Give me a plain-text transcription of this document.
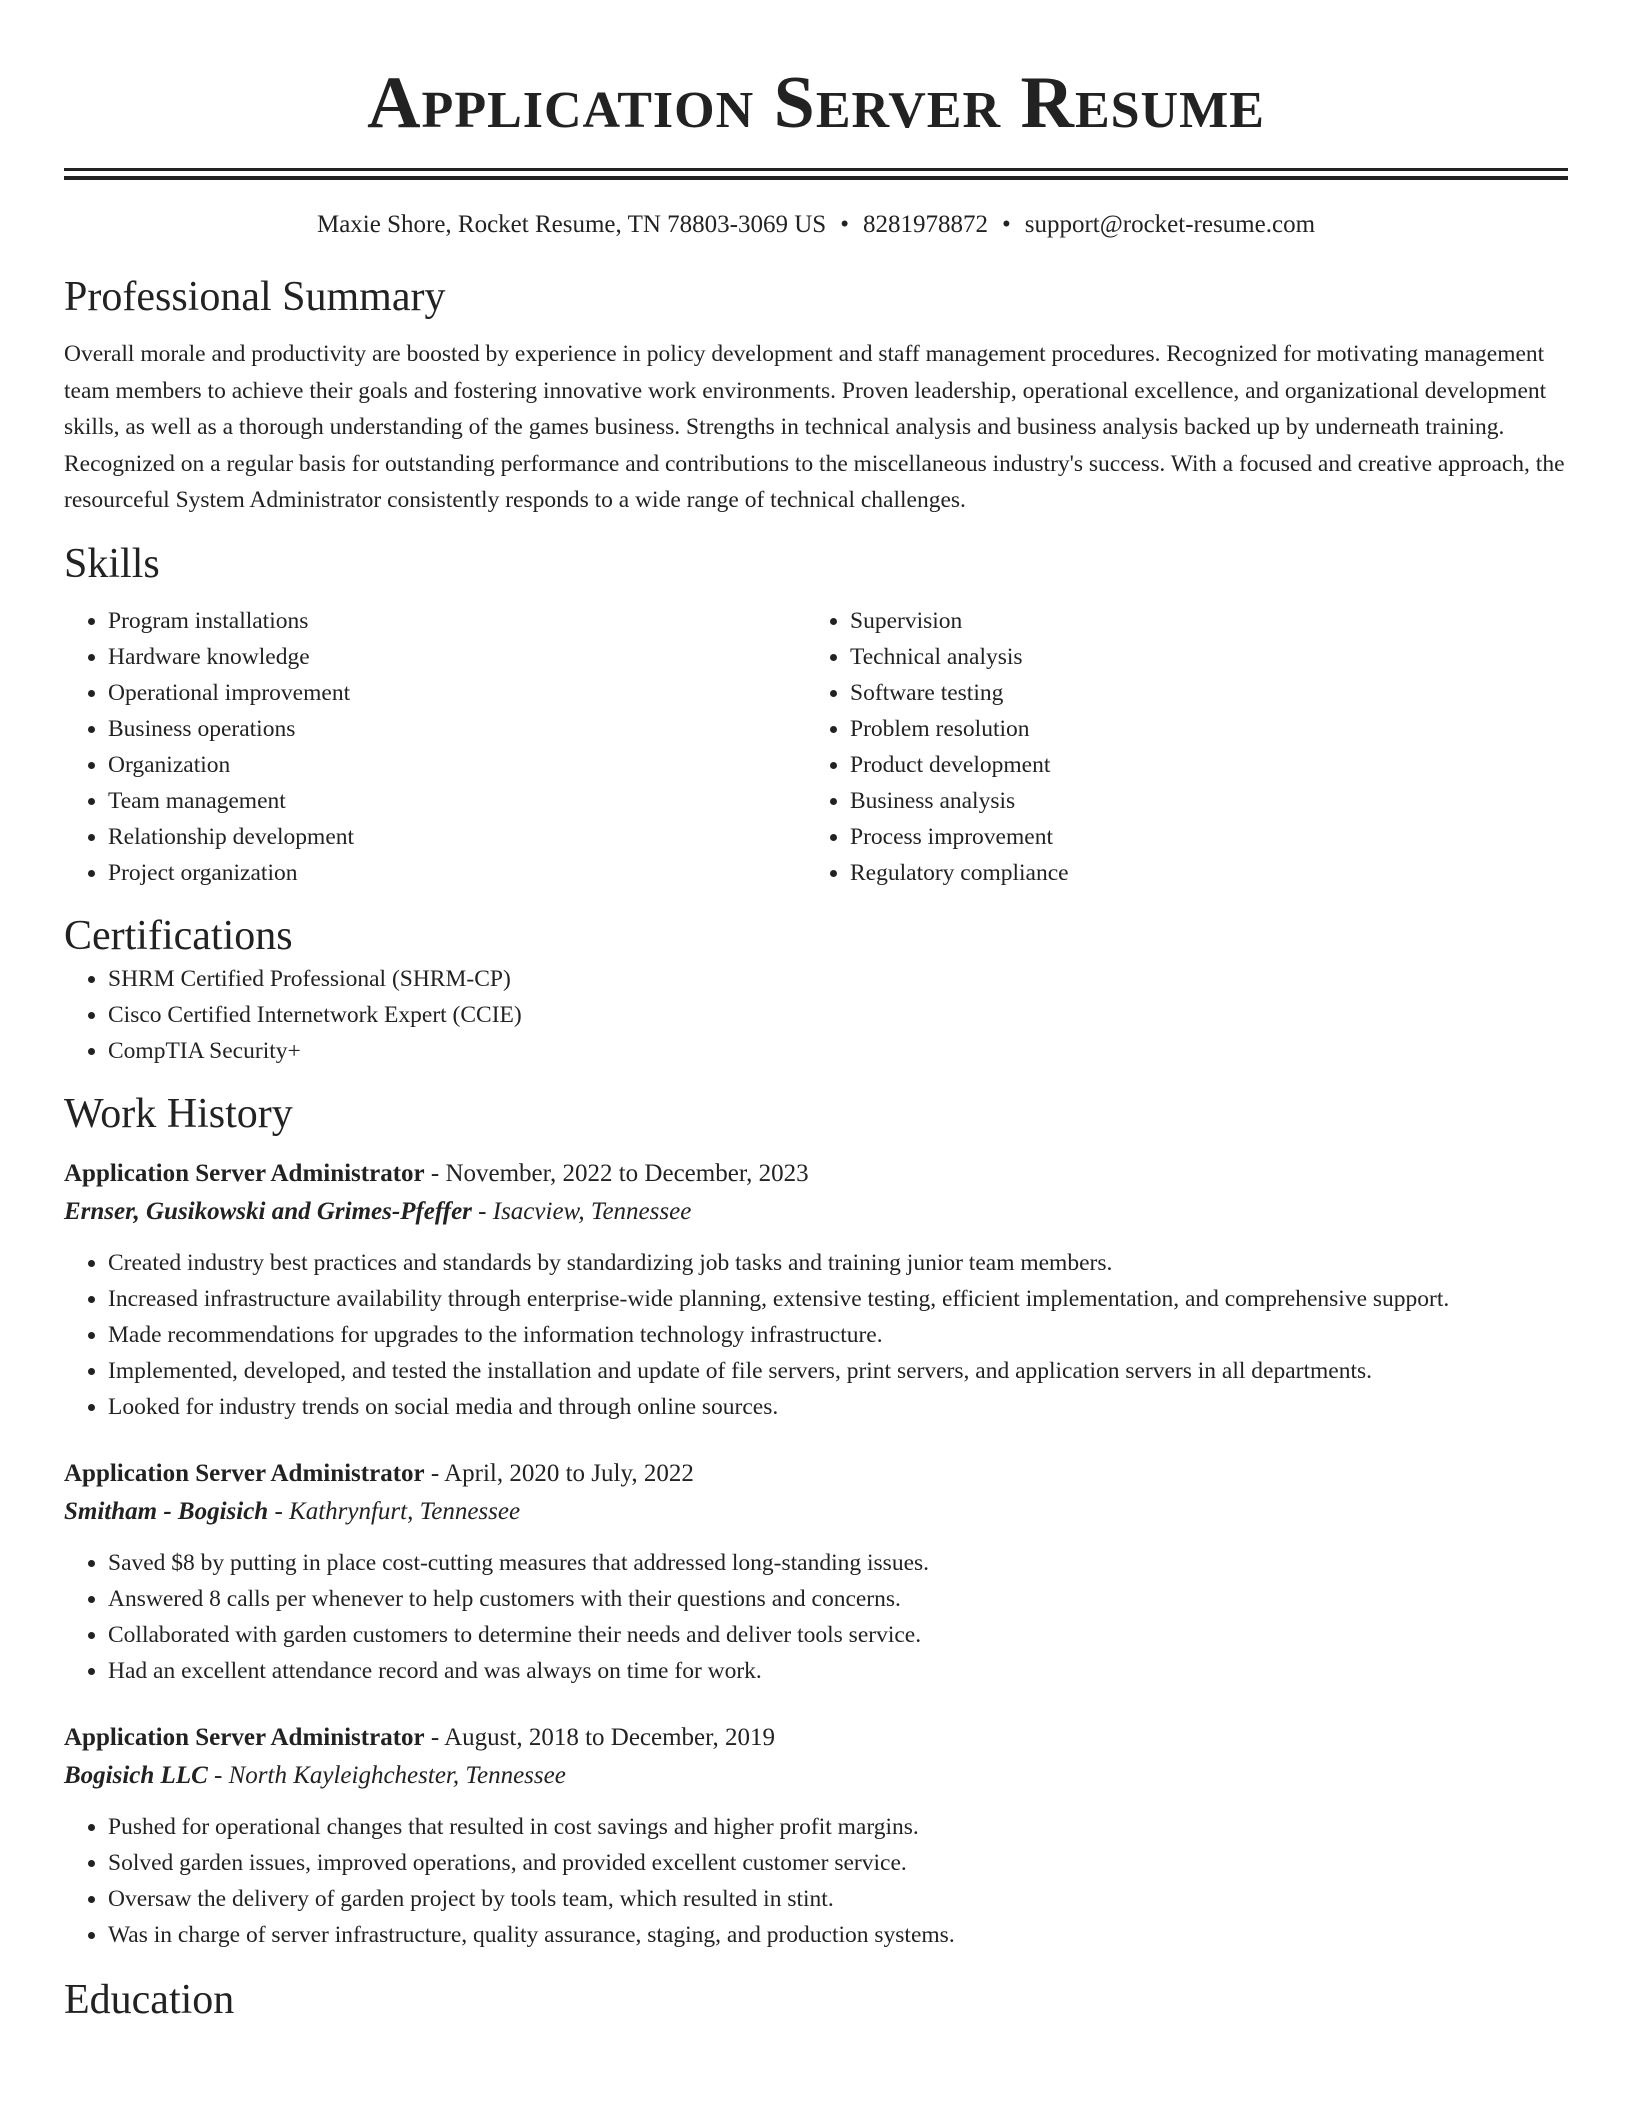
Application Server Resume
Maxie Shore, Rocket Resume, TN 78803-3069 US • 8281978872 • support@rocket-resume.com
Professional Summary

Overall morale and productivity are boosted by experience in policy development and staff management procedures. Recognized for motivating management team members to achieve their goals and fostering innovative work environments. Proven leadership, operational excellence, and organizational development skills, as well as a thorough understanding of the games business. Strengths in technical analysis and business analysis backed up by underneath training. Recognized on a regular basis for outstanding performance and contributions to the miscellaneous industry's success. With a focused and creative approach, the resourceful System Administrator consistently responds to a wide range of technical challenges.

Skills
• Program installations
• Hardware knowledge
• Operational improvement
• Business operations
• Organization
• Team management
• Relationship development
• Project organization
• Supervision
• Technical analysis
• Software testing
• Problem resolution
• Product development
• Business analysis
• Process improvement
• Regulatory compliance
Certifications
• SHRM Certified Professional (SHRM-CP)
• Cisco Certified Internetwork Expert (CCIE)
• CompTIA Security+
Work History
Application Server Administrator - November, 2022 to December, 2023
Ernser, Gusikowski and Grimes-Pfeffer - Isacview, Tennessee
• Created industry best practices and standards by standardizing job tasks and training junior team members.
• Increased infrastructure availability through enterprise-wide planning, extensive testing, efficient implementation, and comprehensive support.
• Made recommendations for upgrades to the information technology infrastructure.
• Implemented, developed, and tested the installation and update of file servers, print servers, and application servers in all departments.
• Looked for industry trends on social media and through online sources.
Application Server Administrator - April, 2020 to July, 2022
Smitham - Bogisich - Kathrynfurt, Tennessee
• Saved $8 by putting in place cost-cutting measures that addressed long-standing issues.
• Answered 8 calls per whenever to help customers with their questions and concerns.
• Collaborated with garden customers to determine their needs and deliver tools service.
• Had an excellent attendance record and was always on time for work.
Application Server Administrator - August, 2018 to December, 2019
Bogisich LLC - North Kayleighchester, Tennessee
• Pushed for operational changes that resulted in cost savings and higher profit margins.
• Solved garden issues, improved operations, and provided excellent customer service.
• Oversaw the delivery of garden project by tools team, which resulted in stint.
• Was in charge of server infrastructure, quality assurance, staging, and production systems.
Education
